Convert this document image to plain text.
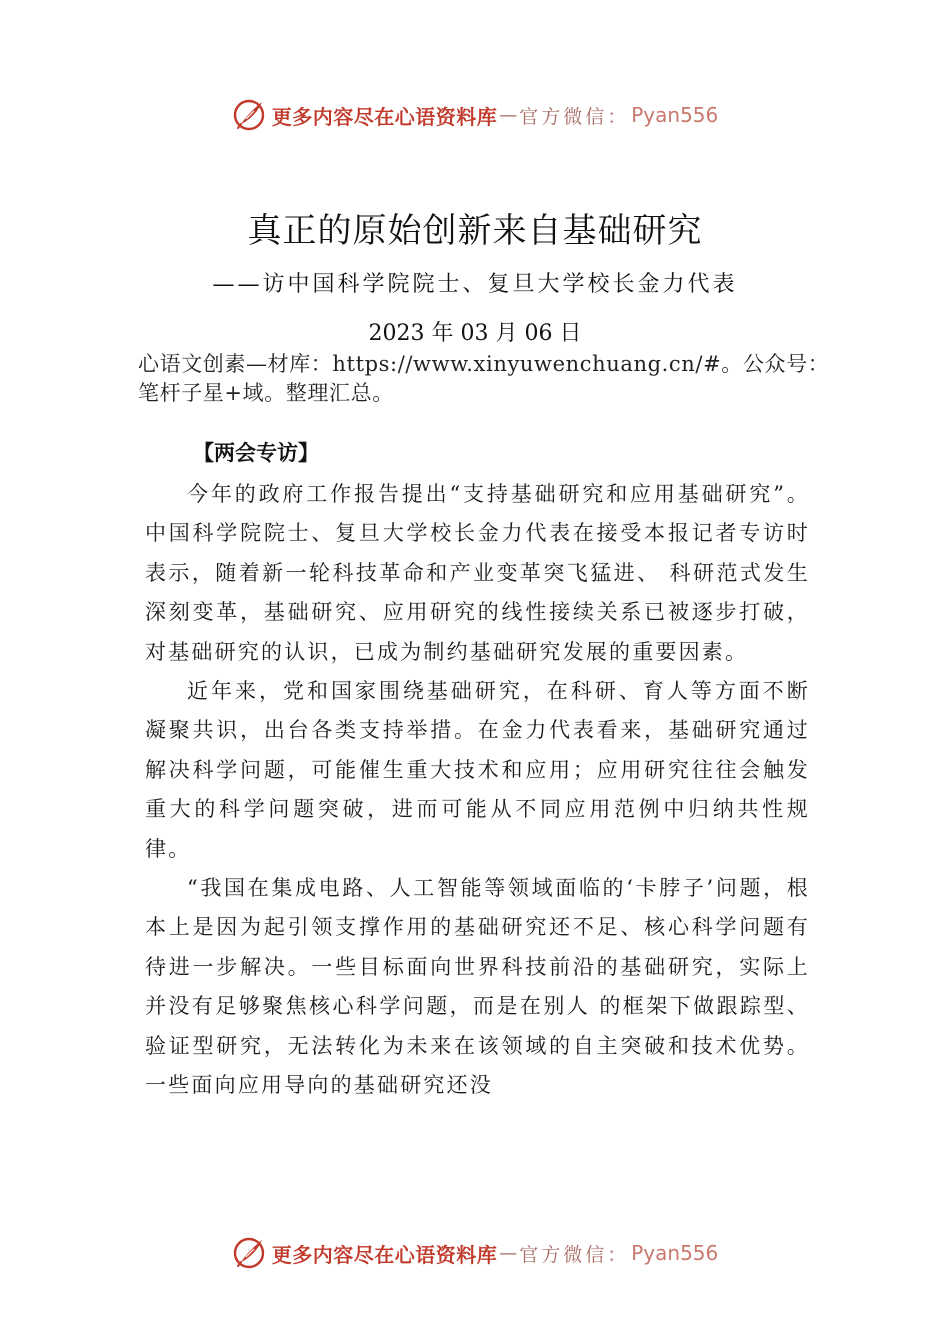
更多内容尽在心语资料库 — 官方微信： Pyan556
真正的原始创新来自基础研究
——访中国科学院院士、复旦大学校长金力代表
2023 年 03 月 06 日
心语文创素—材库：https://www.xinyuwenchuang.cn/#。公众号：笔杆子星+域。整理汇总。
【两会专访】

今年的政府工作报告提出“支持基础研究和应用基础研究”。中国科学院院士、复旦大学校长金力代表在接受本报记者专访时表示，随着新一轮科技革命和产业变革突飞猛进、 科研范式发生深刻变革，基础研究、应用研究的线性接续关系已被逐步打破，对基础研究的认识，已成为制约基础研究发展的重要因素。

近年来，党和国家围绕基础研究，在科研、育人等方面不断凝聚共识，出台各类支持举措。在金力代表看来，基础研究通过解决科学问题，可能催生重大技术和应用；应用研究往往会触发重大的科学问题突破，进而可能从不同应用范例中归纳共性规律。

“我国在集成电路、人工智能等领域面临的‘卡脖子’问题，根本上是因为起引领支撑作用的基础研究还不足、核心科学问题有待进一步解决。一些目标面向世界科技前沿的基础研究，实际上并没有足够聚焦核心科学问题，而是在别人 的框架下做跟踪型、验证型研究，无法转化为未来在该领域的自主突破和技术优势。一些面向应用导向的基础研究还没

更多内容尽在心语资料库 — 官方微信： Pyan556
